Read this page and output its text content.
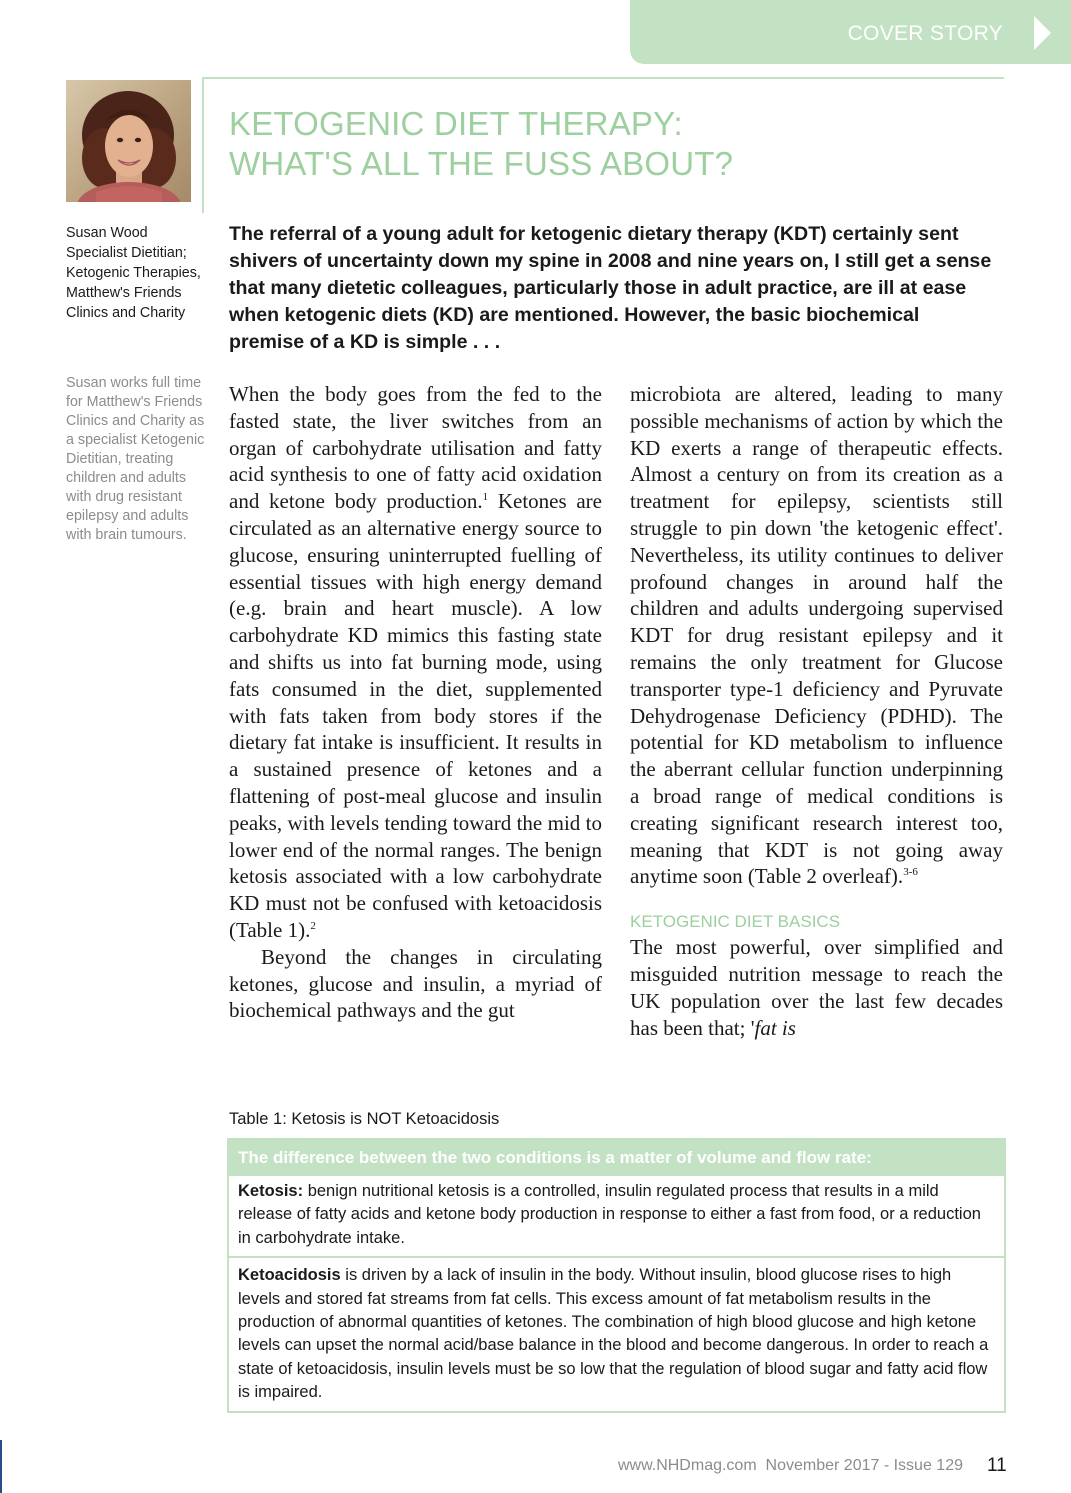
COVER STORY
Susan Wood
Specialist Dietitian; Ketogenic Therapies, Matthew's Friends Clinics and Charity
Susan works full time for Matthew's Friends Clinics and Charity as a specialist Ketogenic Dietitian, treating children and adults with drug resistant epilepsy and adults with brain tumours.
KETOGENIC DIET THERAPY:
WHAT'S ALL THE FUSS ABOUT?

The referral of a young adult for ketogenic dietary therapy (KDT) certainly sent shivers of uncertainty down my spine in 2008 and nine years on, I still get a sense that many dietetic colleagues, particularly those in adult practice, are ill at ease when ketogenic diets (KD) are mentioned. However, the basic biochemical premise of a KD is simple . . .

When the body goes from the fed to the fasted state, the liver switches from an organ of carbohydrate utilisation and fatty acid synthesis to one of fatty acid oxidation and ketone body production.$^1$ Ketones are circulated as an alternative energy source to glucose, ensuring uninterrupted fuelling of essential tissues with high energy demand (e.g. brain and heart muscle). A low carbohydrate KD mimics this fasting state and shifts us into fat burning mode, using fats consumed in the diet, supplemented with fats taken from body stores if the dietary fat intake is insufficient. It results in a sustained presence of ketones and a flattening of post-meal glucose and insulin peaks, with levels tending toward the mid to lower end of the normal ranges. The benign ketosis associated with a low carbohydrate KD must not be confused with ketoacidosis (Table 1).$^2$

Beyond the changes in circulating ketones, glucose and insulin, a myriad of biochemical pathways and the gut

microbiota are altered, leading to many possible mechanisms of action by which the KD exerts a range of therapeutic effects. Almost a century on from its creation as a treatment for epilepsy, scientists still struggle to pin down 'the ketogenic effect'. Nevertheless, its utility continues to deliver profound changes in around half the children and adults undergoing supervised KDT for drug resistant epilepsy and it remains the only treatment for Glucose transporter type-1 deficiency and Pyruvate Dehydrogenase Deficiency (PDHD). The potential for KD metabolism to influence the aberrant cellular function underpinning a broad range of medical conditions is creating significant research interest too, meaning that KDT is not going away anytime soon (Table 2 overleaf).$^{3-6}$

KETOGENIC DIET BASICS

The most powerful, over simplified and misguided nutrition message to reach the UK population over the last few decades has been that; 'fat is

Table 1: Ketosis is NOT Ketoacidosis
The difference between the two conditions is a matter of volume and flow rate:
Ketosis: benign nutritional ketosis is a controlled, insulin regulated process that results in a mild release of fatty acids and ketone body production in response to either a fast from food, or a reduction in carbohydrate intake.
Ketoacidosis is driven by a lack of insulin in the body. Without insulin, blood glucose rises to high levels and stored fat streams from fat cells. This excess amount of fat metabolism results in the production of abnormal quantities of ketones. The combination of high blood glucose and high ketone levels can upset the normal acid/base balance in the blood and become dangerous. In order to reach a state of ketoacidosis, insulin levels must be so low that the regulation of blood sugar and fatty acid flow is impaired.
www.NHDmag.com  November 2017 - Issue 129 11
